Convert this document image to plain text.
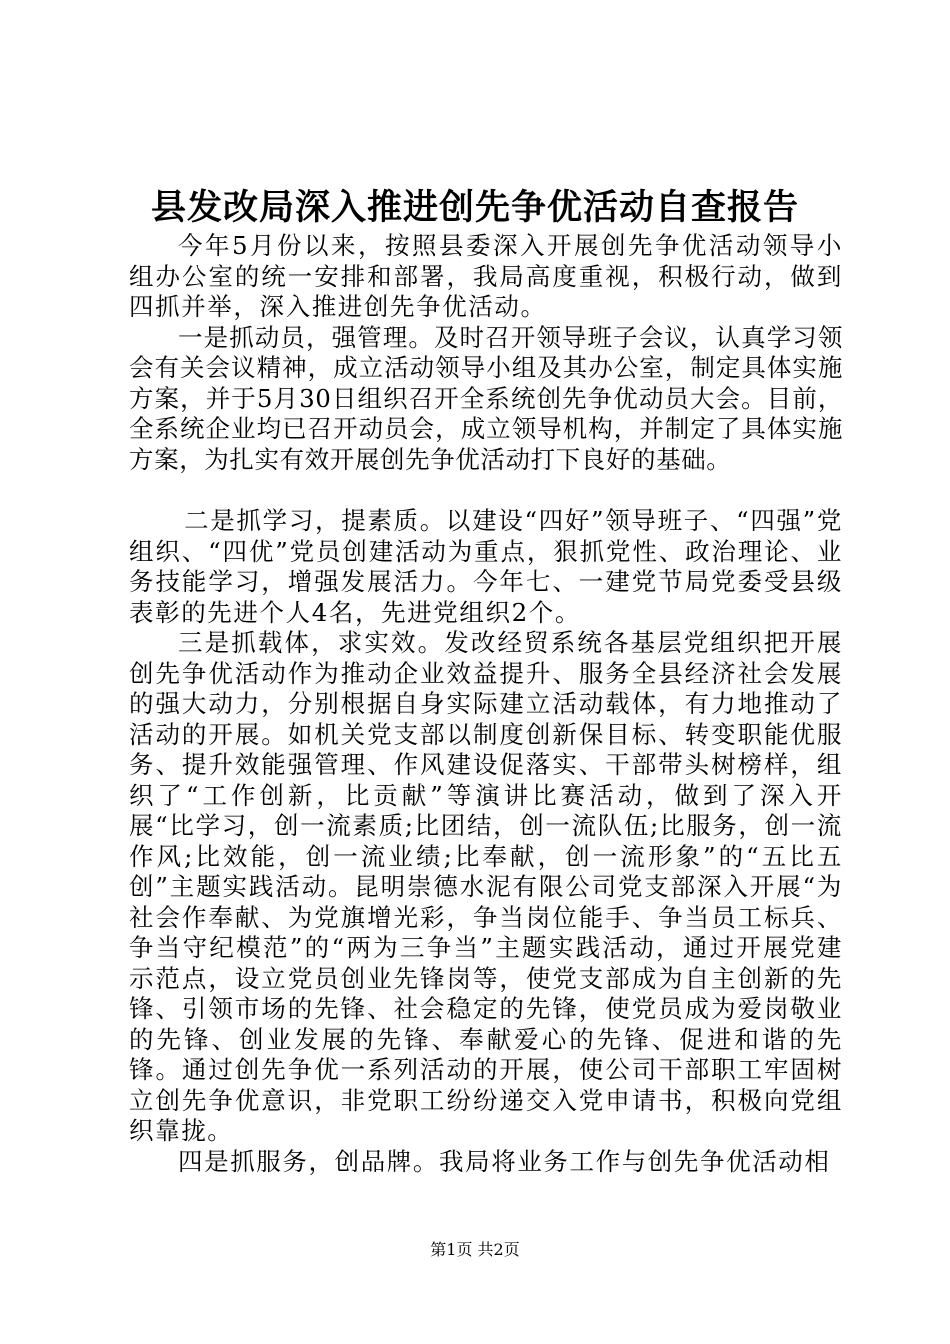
县发改局深入推进创先争优活动自查报告

今年5月份以来，按照县委深入开展创先争优活动领导小组办公室的统一安排和部署，我局高度重视，积极行动，做到四抓并举，深入推进创先争优活动。

一是抓动员，强管理。及时召开领导班子会议，认真学习领会有关会议精神，成立活动领导小组及其办公室，制定具体实施方案，并于5月30日组织召开全系统创先争优动员大会。目前，全系统企业均已召开动员会，成立领导机构，并制定了具体实施方案，为扎实有效开展创先争优活动打下良好的基础。

二是抓学习，提素质。以建设“四好”领导班子、“四强”党组织、“四优”党员创建活动为重点，狠抓党性、政治理论、业务技能学习，增强发展活力。今年七、一建党节局党委受县级表彰的先进个人4名，先进党组织2个。

三是抓载体，求实效。发改经贸系统各基层党组织把开展创先争优活动作为推动企业效益提升、服务全县经济社会发展的强大动力，分别根据自身实际建立活动载体，有力地推动了活动的开展。如机关党支部以制度创新保目标、转变职能优服务、提升效能强管理、作风建设促落实、干部带头树榜样，组织了“工作创新，比贡献”等演讲比赛活动，做到了深入开展“比学习，创一流素质;比团结，创一流队伍;比服务，创一流作风;比效能，创一流业绩;比奉献，创一流形象”的“五比五创”主题实践活动。昆明崇德水泥有限公司党支部深入开展“为社会作奉献、为党旗增光彩，争当岗位能手、争当员工标兵、争当守纪模范”的“两为三争当”主题实践活动，通过开展党建示范点，设立党员创业先锋岗等，使党支部成为自主创新的先锋、引领市场的先锋、社会稳定的先锋，使党员成为爱岗敬业的先锋、创业发展的先锋、奉献爱心的先锋、促进和谐的先锋。通过创先争优一系列活动的开展，使公司干部职工牢固树立创先争优意识，非党职工纷纷递交入党申请书，积极向党组织靠拢。

四是抓服务，创品牌。我局将业务工作与创先争优活动相

第1页 共2页
